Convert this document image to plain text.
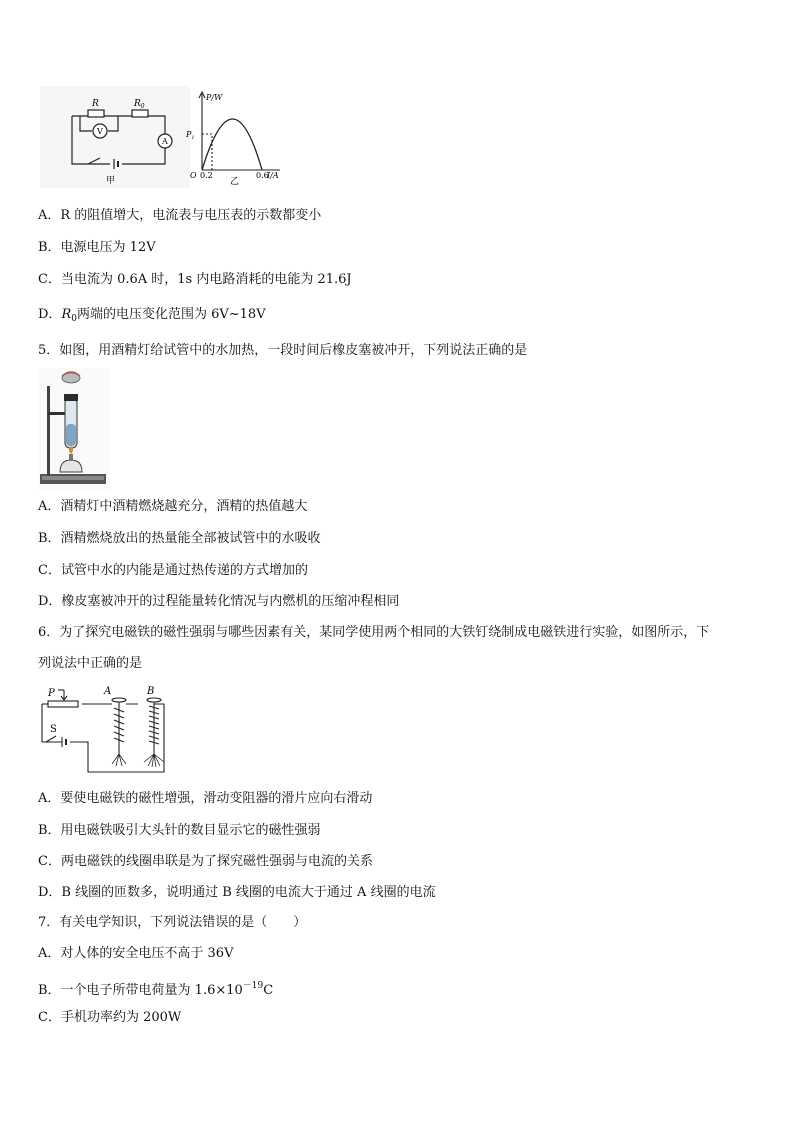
R	$R_0$
V
A
甲
P/W
$P_1$
O 0.2	0.6
I/A
乙
A．R 的阻值增大，电流表与电压表的示数都变小
B．电源电压为 12V
C．当电流为 0.6A 时，1s 内电路消耗的电能为 21.6J
D．$R_0$两端的电压变化范围为 6V~18V
5．如图，用酒精灯给试管中的水加热，一段时间后橡皮塞被冲开，下列说法正确的是
A．酒精灯中酒精燃烧越充分，酒精的热值越大
B．酒精燃烧放出的热量能全部被试管中的水吸收
C．试管中水的内能是通过热传递的方式增加的
D．橡皮塞被冲开的过程能量转化情况与内燃机的压缩冲程相同
6．为了探究电磁铁的磁性强弱与哪些因素有关，某同学使用两个相同的大铁钉绕制成电磁铁进行实验，如图所示，下
列说法中正确的是
P	A	B
S
A．要使电磁铁的磁性增强，滑动变阻器的滑片应向右滑动
B．用电磁铁吸引大头针的数目显示它的磁性强弱
C．两电磁铁的线圈串联是为了探究磁性强弱与电流的关系
D．B 线圈的匝数多，说明通过 B 线圈的电流大于通过 A 线圈的电流
7．有关电学知识，下列说法错误的是（　　）
A．对人体的安全电压不高于 36V
B．一个电子所带电荷量为 $1.6\times 10^{-19}C$
C．手机功率约为 200W
